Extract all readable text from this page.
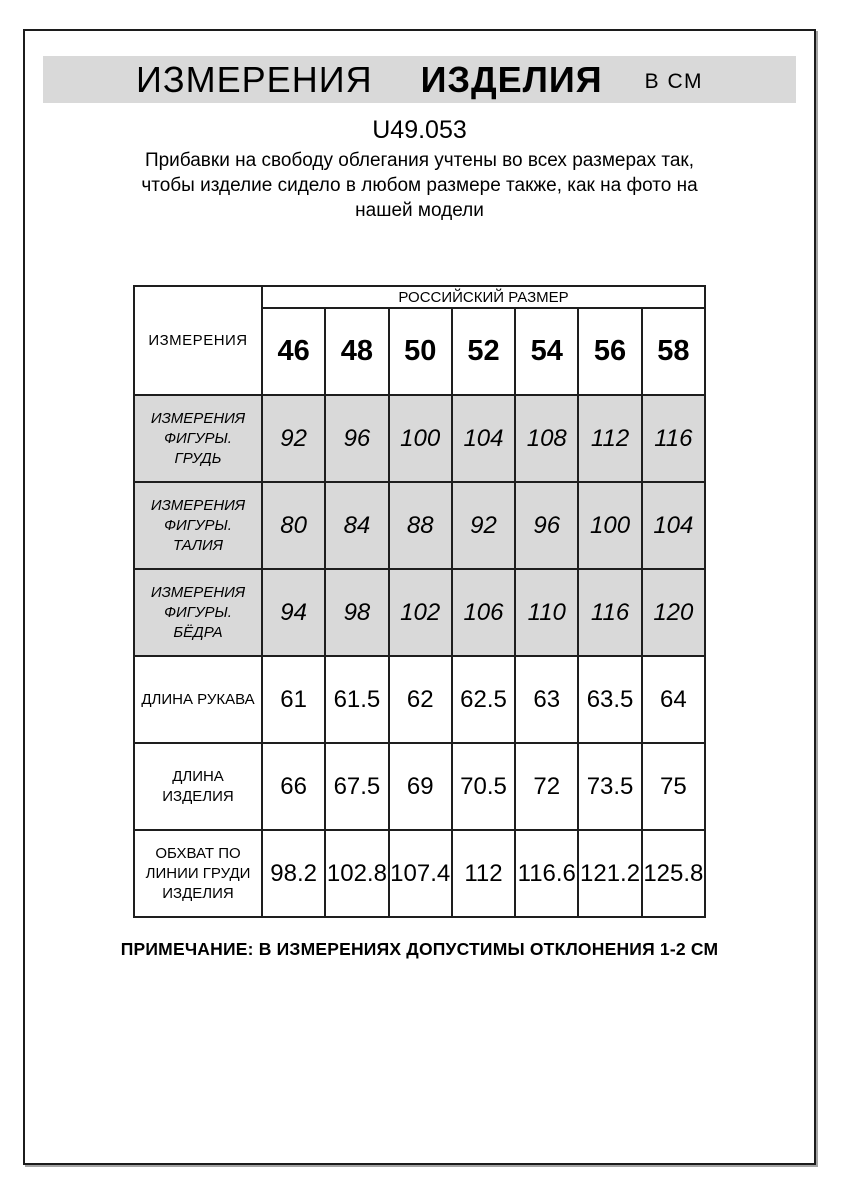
ИЗМЕРЕНИЯ ИЗДЕЛИЯ В СМ
U49.053
Прибавки на свободу облегания учтены во всех размерах так,
чтобы изделие сидело в любом размере также, как на фото на
нашей модели
ИЗМЕРЕНИЯ	РОССИЙСКИЙ РАЗМЕР						
	46	48	50	52	54	56	58
ИЗМЕРЕНИЯ ФИГУРЫ. ГРУДЬ	92	96	100	104	108	112	116
ИЗМЕРЕНИЯ ФИГУРЫ. ТАЛИЯ	80	84	88	92	96	100	104
ИЗМЕРЕНИЯ ФИГУРЫ. БЁДРА	94	98	102	106	110	116	120
ДЛИНА РУКАВА	61	61.5	62	62.5	63	63.5	64
ДЛИНА ИЗДЕЛИЯ	66	67.5	69	70.5	72	73.5	75
ОБХВАТ ПО ЛИНИИ ГРУДИ ИЗДЕЛИЯ	98.2	102.8	107.4	112	116.6	121.2	125.8
ПРИМЕЧАНИЕ: В ИЗМЕРЕНИЯХ ДОПУСТИМЫ ОТКЛОНЕНИЯ 1-2 СМ
